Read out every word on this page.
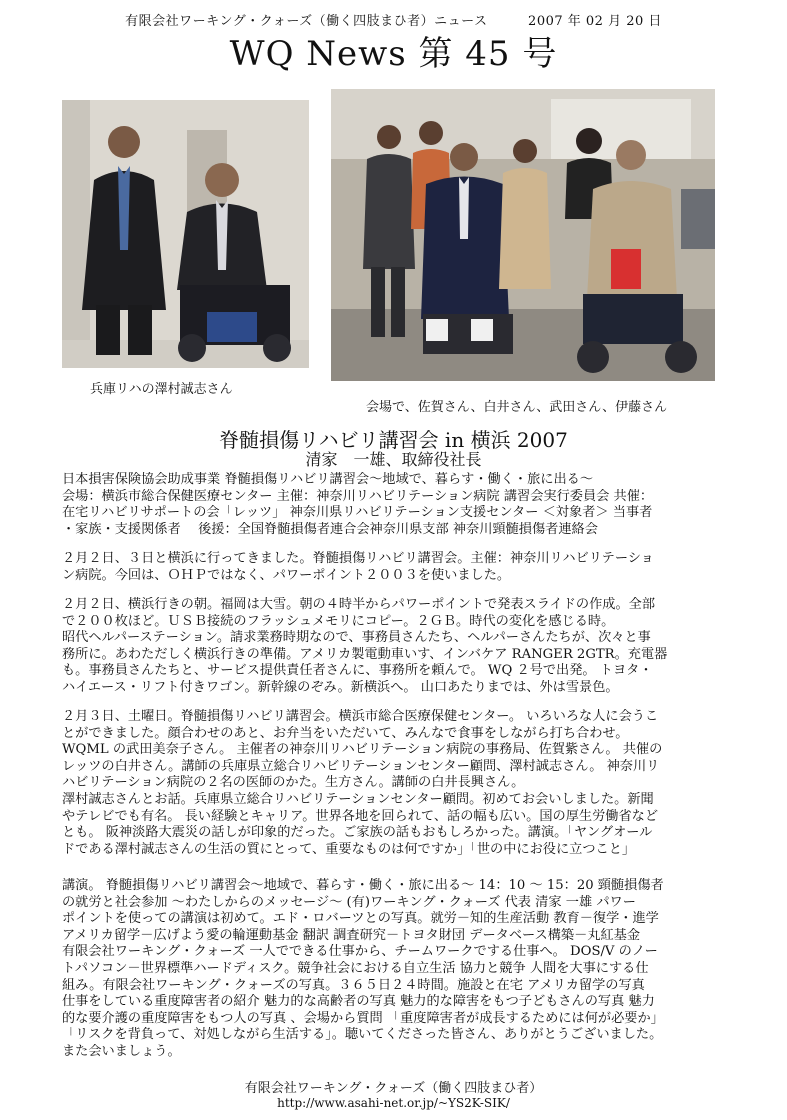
有限会社ワーキング・クォーズ（働く四肢まひ者）ニュース　　　	2007 年 02 月 20 日
WQ News 第 45 号
兵庫リハの澤村誠志さん
会場で、佐賀さん、白井さん、武田さん、伊藤さん
脊髄損傷リハビリ講習会 in 横浜 2007
清家　一雄、取締役社長
日本損害保険協会助成事業 脊髄損傷リハビリ講習会～地域で、暮らす・働く・旅に出る～
会場：横浜市総合保健医療センター 主催：神奈川リハビリテーション病院 講習会実行委員会 共催：
在宅リハビリサポートの会「レッツ」 神奈川県リハビリテーション支援センター ＜対象者＞ 当事者
・家族・支援関係者　 後援：全国脊髄損傷者連合会神奈川県支部 神奈川頸髄損傷者連絡会
２月２日、３日と横浜に行ってきました。脊髄損傷リハビリ講習会。主催：神奈川リハビリテーショ
ン病院。今回は、ＯＨＰではなく、パワーポイント２００３を使いました。
２月２日、横浜行きの朝。福岡は大雪。朝の４時半からパワーポイントで発表スライドの作成。全部
で２００枚ほど。ＵＳＢ接続のフラッシュメモリにコピー。２ＧＢ。時代の変化を感じる時。
昭代ヘルパーステーション。請求業務時期なので、事務員さんたち、ヘルパーさんたちが、次々と事
務所に。あわただしく横浜行きの準備。アメリカ製電動車いす、インバケア RANGER 2GTR。充電器
も。事務員さんたちと、サービス提供責任者さんに、事務所を頼んで。 WQ ２号で出発。 トヨタ・
ハイエース・リフト付きワゴン。新幹線のぞみ。新横浜へ。 山口あたりまでは、外は雪景色。
２月３日、土曜日。脊髄損傷リハビリ講習会。横浜市総合医療保健センター。 いろいろな人に会うこ
とができました。顔合わせのあと、お弁当をいただいて、みんなで食事をしながら打ち合わせ。
WQML の武田美奈子さん。 主催者の神奈川リハビリテーション病院の事務局、佐賀紫さん。 共催の
レッツの白井さん。講師の兵庫県立総合リハビリテーションセンター顧問、澤村誠志さん。 神奈川リ
ハビリテーション病院の２名の医師のかた。生方さん。講師の白井長興さん。
澤村誠志さんとお話。兵庫県立総合リハビリテーションセンター顧問。初めてお会いしました。新聞
やテレビでも有名。 長い経験とキャリア。世界各地を回られて、話の幅も広い。国の厚生労働省など
とも。 阪神淡路大震災の話しが印象的だった。ご家族の話もおもしろかった。講演。「ヤングオール
ドである澤村誠志さんの生活の質にとって、重要なものは何ですか」「世の中にお役に立つこと」
講演。 脊髄損傷リハビリ講習会～地域で、暮らす・働く・旅に出る～ 14：10 ～ 15：20 頸髄損傷者
の就労と社会参加 ～わたしからのメッセージ～ (有)ワーキング・クォーズ 代表 清家 一雄 パワー
ポイントを使っての講演は初めて。エド・ロバーツとの写真。就労－知的生産活動 教育－復学・進学
アメリカ留学－広げよう愛の輪運動基金 翻訳 調査研究－トヨタ財団 データベース構築－丸紅基金
有限会社ワーキング・クォーズ 一人でできる仕事から、チームワークでする仕事へ。 DOS/V のノー
トパソコン－世界標準ハードディスク。競争社会における自立生活 協力と競争 人間を大事にする仕
組み。有限会社ワーキング・クォーズの写真。３６５日２４時間。施設と在宅 アメリカ留学の写真
仕事をしている重度障害者の紹介 魅力的な高齢者の写真 魅力的な障害をもつ子どもさんの写真 魅力
的な要介護の重度障害をもつ人の写真 、会場から質問 「重度障害者が成長するためには何が必要か」
「リスクを背負って、対処しながら生活する」。聴いてくださった皆さん、ありがとうございました。
また会いましょう。
有限会社ワーキング・クォーズ（働く四肢まひ者）
http://www.asahi-net.or.jp/~YS2K-SIK/
